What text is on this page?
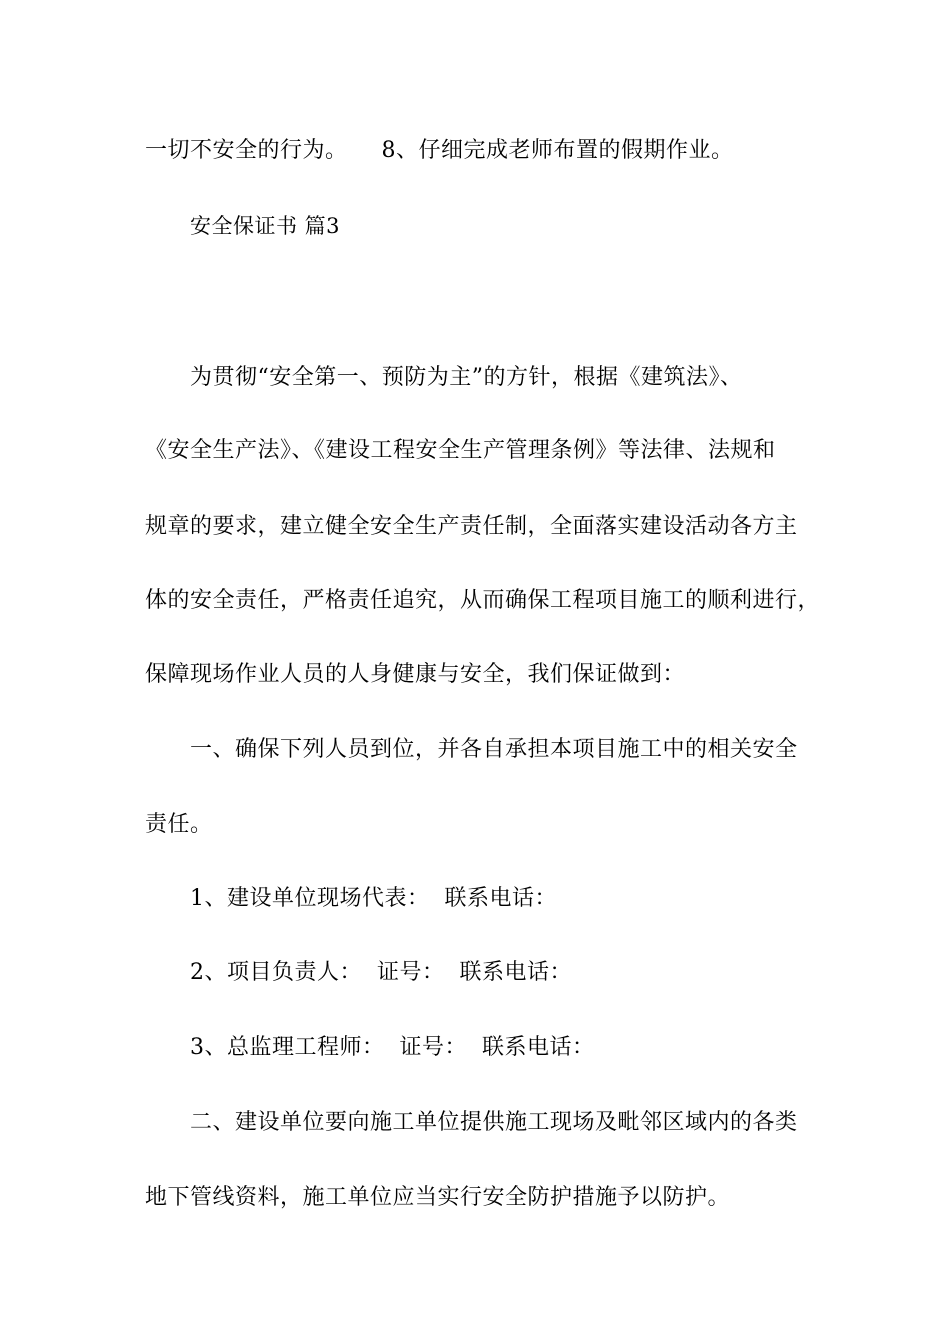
一切不安全的行为。　　8、仔细完成老师布置的假期作业。
安全保证书 篇3
为贯彻“安全第一、预防为主”的方针，根据《建筑法》、
《安全生产法》、《建设工程安全生产管理条例》等法律、法规和
规章的要求，建立健全安全生产责任制，全面落实建设活动各方主
体的安全责任，严格责任追究，从而确保工程项目施工的顺利进行，
保障现场作业人员的人身健康与安全，我们保证做到：
一、确保下列人员到位，并各自承担本项目施工中的相关安全
责任。
1、建设单位现场代表：  联系电话：
2、项目负责人：  证号：  联系电话：
3、总监理工程师：  证号：  联系电话：
二、建设单位要向施工单位提供施工现场及毗邻区域内的各类
地下管线资料，施工单位应当实行安全防护措施予以防护。
